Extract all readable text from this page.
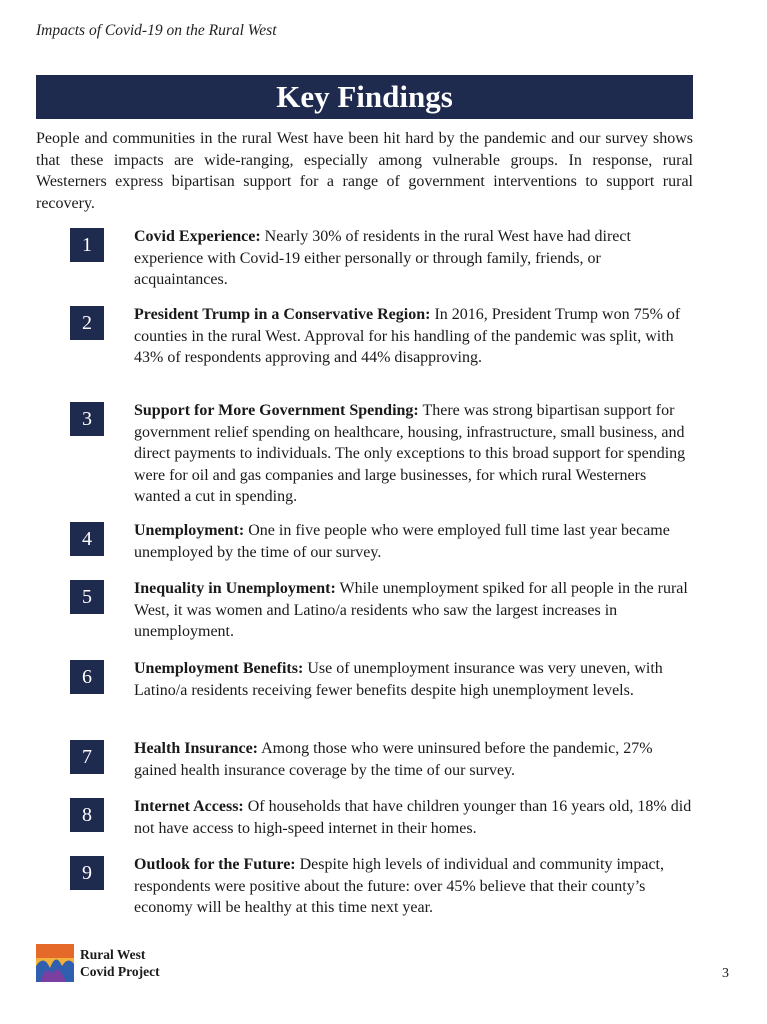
Impacts of Covid-19 on the Rural West
Key Findings

People and communities in the rural West have been hit hard by the pandemic and our survey shows that these impacts are wide-ranging, especially among vulnerable groups. In response, rural Westerners express bipartisan support for a range of government interventions to support rural recovery.

1	Covid Experience: Nearly 30% of residents in the rural West have had direct experience with Covid-19 either personally or through family, friends, or acquaintances.

2	President Trump in a Conservative Region: In 2016, President Trump won 75% of counties in the rural West. Approval for his handling of the pandemic was split, with 43% of respondents approving and 44% disapproving.

3	Support for More Government Spending: There was strong bipartisan support for government relief spending on healthcare, housing, infrastructure, small business, and direct payments to individuals. The only exceptions to this broad support for spending were for oil and gas companies and large businesses, for which rural Westerners wanted a cut in spending.

4	Unemployment: One in five people who were employed full time last year became unemployed by the time of our survey.

5	Inequality in Unemployment: While unemployment spiked for all people in the rural West, it was women and Latino/a residents who saw the largest increases in unemployment.

6	Unemployment Benefits: Use of unemployment insurance was very uneven, with Latino/a residents receiving fewer benefits despite high unemployment levels.

7	Health Insurance: Among those who were uninsured before the pandemic, 27% gained health insurance coverage by the time of our survey.

8	Internet Access: Of households that have children younger than 16 years old, 18% did not have access to high-speed internet in their homes.

9	Outlook for the Future: Despite high levels of individual and community impact, respondents were positive about the future: over 45% believe that their county’s economy will be healthy at this time next year.

Rural West
Covid Project	3
